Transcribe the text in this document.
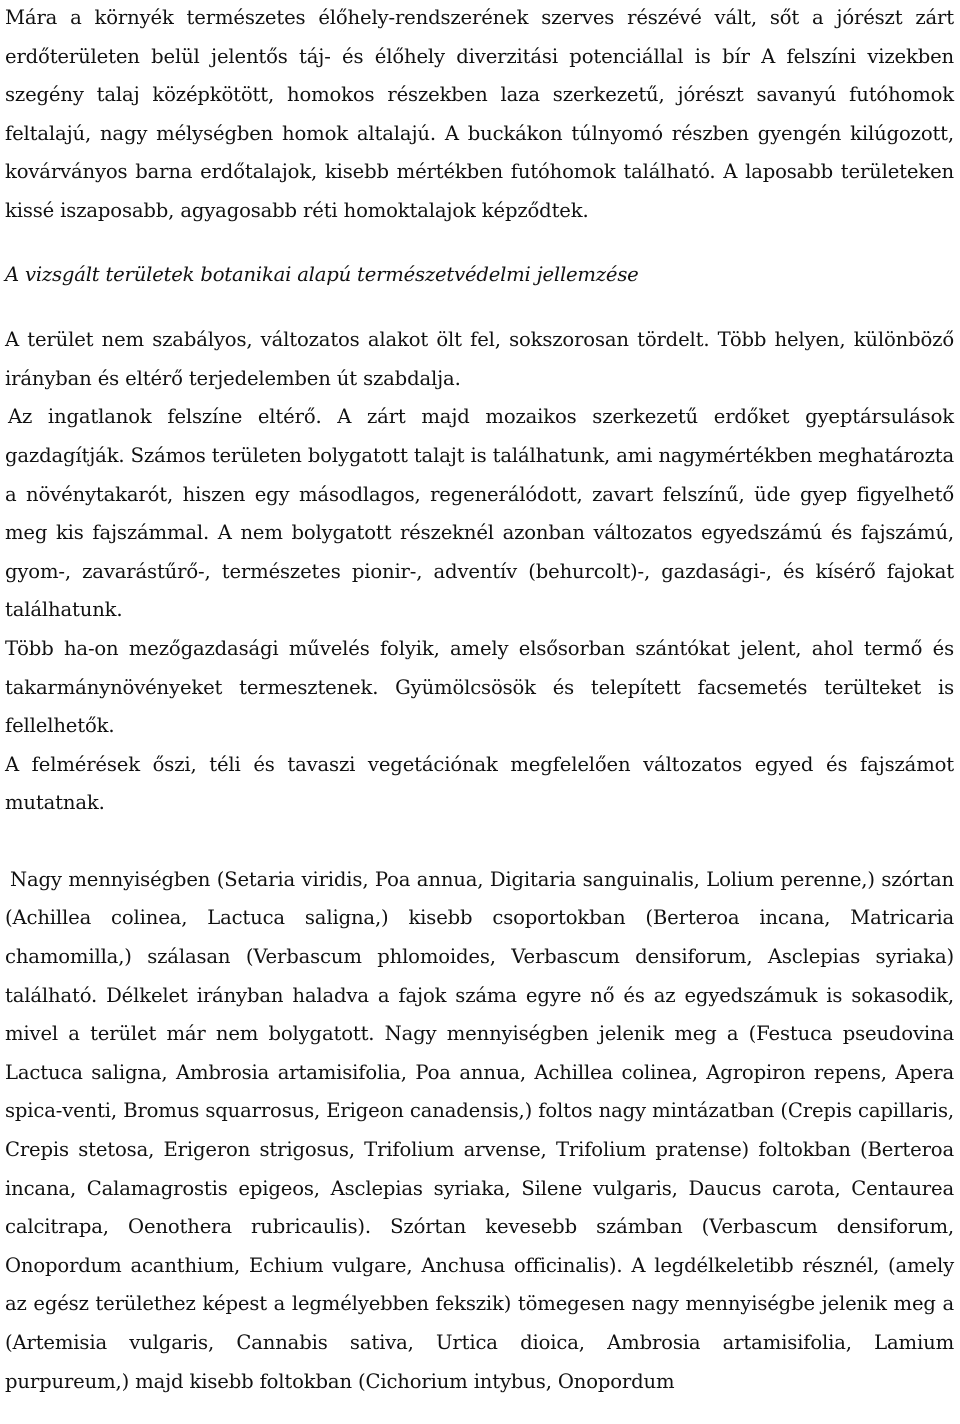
Mára a környék természetes élőhely-rendszerének szerves részévé vált, sőt a jórészt zárt erdőterületen belül jelentős táj- és élőhely diverzitási potenciállal is bír A felszíni vizekben szegény talaj középkötött, homokos részekben laza szerkezetű, jórészt savanyú futóhomok feltalajú, nagy mélységben homok altalajú. A buckákon túlnyomó részben gyengén kilúgozott, kovárványos barna erdőtalajok, kisebb mértékben futóhomok található. A laposabb területeken kissé iszaposabb, agyagosabb réti homoktalajok képződtek.

A vizsgált területek botanikai alapú természetvédelmi jellemzése

A terület nem szabályos, változatos alakot ölt fel, sokszorosan tördelt. Több helyen, különböző irányban és eltérő terjedelemben út szabdalja.

Az ingatlanok felszíne eltérő. A zárt majd mozaikos szerkezetű erdőket gyeptársulások gazdagítják. Számos területen bolygatott talajt is találhatunk, ami nagymértékben meghatározta a növénytakarót, hiszen egy másodlagos, regenerálódott, zavart felszínű, üde gyep figyelhető meg kis fajszámmal. A nem bolygatott részeknél azonban változatos egyedszámú és fajszámú, gyom-, zavarástűrő-, természetes pionir-, adventív (behurcolt)-, gazdasági-, és kísérő fajokat találhatunk.

Több ha-on mezőgazdasági művelés folyik, amely elsősorban szántókat jelent, ahol termő és takarmánynövényeket termesztenek. Gyümölcsösök és telepített facsemetés terülteket is fellelhetők.

A felmérések őszi, téli és tavaszi vegetációnak megfelelően változatos egyed és fajszámot mutatnak.

Nagy mennyiségben (Setaria viridis, Poa annua, Digitaria sanguinalis, Lolium perenne,) szórtan (Achillea colinea, Lactuca saligna,) kisebb csoportokban (Berteroa incana, Matricaria chamomilla,) szálasan (Verbascum phlomoides, Verbascum densiforum, Asclepias syriaka) található. Délkelet irányban haladva a fajok száma egyre nő és az egyedszámuk is sokasodik, mivel a terület már nem bolygatott. Nagy mennyiségben jelenik meg a (Festuca pseudovina Lactuca saligna, Ambrosia artamisifolia, Poa annua, Achillea colinea, Agropiron repens, Apera spica-venti, Bromus squarrosus, Erigeon canadensis,) foltos nagy mintázatban (Crepis capillaris, Crepis stetosa, Erigeron strigosus, Trifolium arvense, Trifolium pratense) foltokban (Berteroa incana, Calamagrostis epigeos, Asclepias syriaka, Silene vulgaris, Daucus carota, Centaurea calcitrapa, Oenothera rubricaulis). Szórtan kevesebb számban (Verbascum densiforum, Onopordum acanthium, Echium vulgare, Anchusa officinalis). A legdélkeletibb résznél, (amely az egész területhez képest a legmélyebben fekszik) tömegesen nagy mennyiségbe jelenik meg a (Artemisia vulgaris, Cannabis sativa, Urtica dioica, Ambrosia artamisifolia, Lamium purpureum,) majd kisebb foltokban (Cichorium intybus, Onopordum
